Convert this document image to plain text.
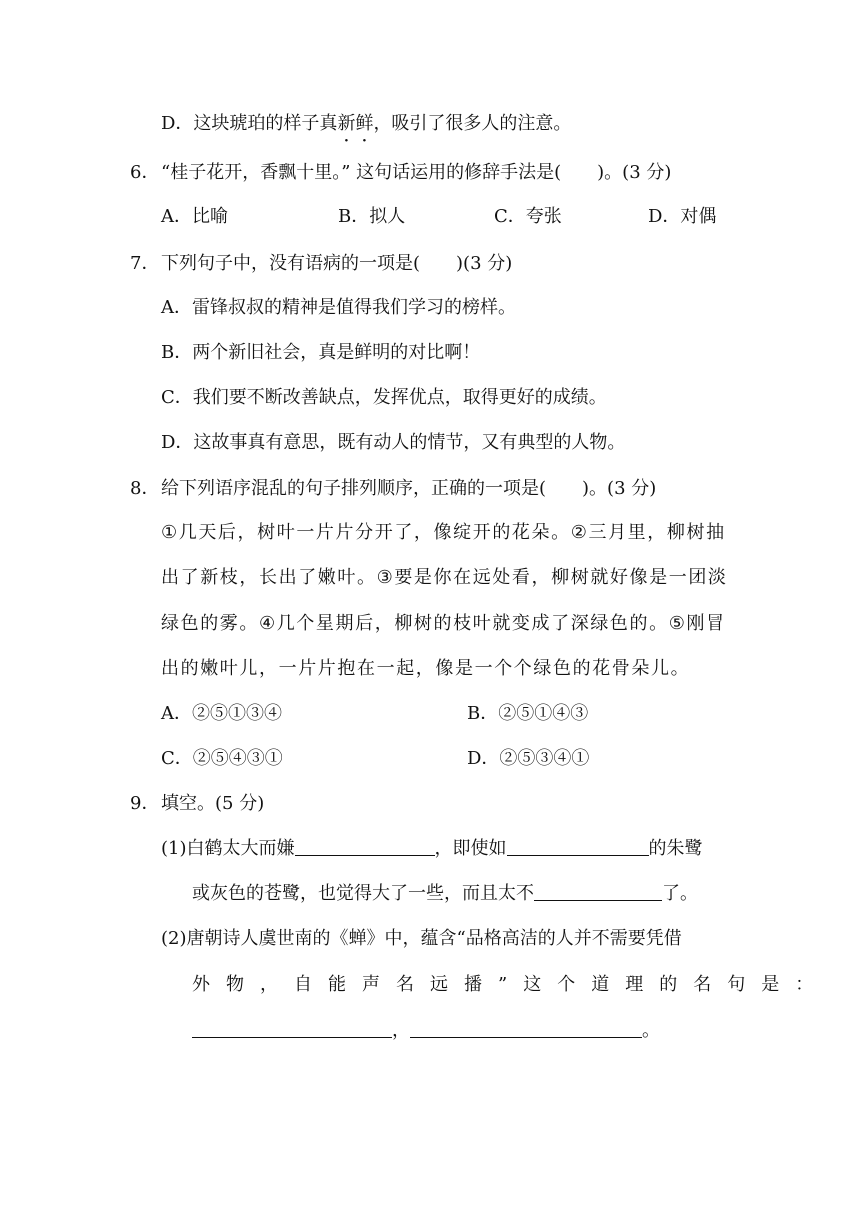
D．这块琥珀的样子真新鲜，吸引了很多人的注意。
6． “桂子花开，香飘十里。” 这句话运用的修辞手法是(　　)。(3 分)
A．比喻	B．拟人	C．夸张	D．对偶
7． 下列句子中，没有语病的一项是(　　)(3 分)
A．雷锋叔叔的精神是值得我们学习的榜样。
B．两个新旧社会，真是鲜明的对比啊！
C．我们要不断改善缺点，发挥优点，取得更好的成绩。
D．这故事真有意思，既有动人的情节，又有典型的人物。
8． 给下列语序混乱的句子排列顺序，正确的一项是(　　)。(3 分)
①几天后，树叶一片片分开了，像绽开的花朵。②三月里，柳树抽
出了新枝，长出了嫩叶。③要是你在远处看，柳树就好像是一团淡
绿色的雾。④几个星期后，柳树的枝叶就变成了深绿色的。⑤刚冒
出的嫩叶儿，一片片抱在一起，像是一个个绿色的花骨朵儿。
A．②⑤①③④	B．②⑤①④③
C．②⑤④③①	D．②⑤③④①
9． 填空。(5 分)
(1)白鹤太大而嫌	，即使如	的朱鹭
或灰色的苍鹭，也觉得大了一些，而且太不	了。
(2)唐朝诗人虞世南的《蝉》中，蕴含“品格高洁的人并不需要凭借
外物，自能声名远播”这个道理的名句是：
，	。
